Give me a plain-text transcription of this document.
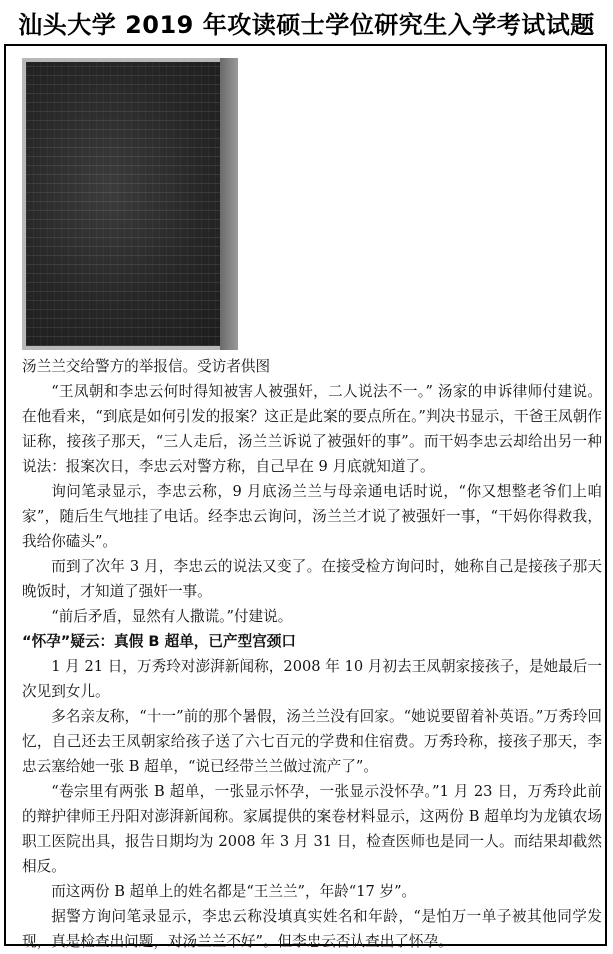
汕头大学 2019 年攻读硕士学位研究生入学考试试题

汤兰兰交给警方的举报信。受访者供图

“王凤朝和李忠云何时得知被害人被强奸，二人说法不一。” 汤家的申诉律师付建说。在他看来，“到底是如何引发的报案？这正是此案的要点所在。”判决书显示，干爸王凤朝作证称，接孩子那天，“三人走后，汤兰兰诉说了被强奸的事”。而干妈李忠云却给出另一种说法：报案次日，李忠云对警方称，自己早在 9 月底就知道了。

询问笔录显示，李忠云称，9 月底汤兰兰与母亲通电话时说，“你又想整老爷们上咱家”，随后生气地挂了电话。经李忠云询问，汤兰兰才说了被强奸一事，“干妈你得救我，我给你磕头”。

而到了次年 3 月，李忠云的说法又变了。在接受检方询问时，她称自己是接孩子那天晚饭时，才知道了强奸一事。

“前后矛盾，显然有人撒谎。”付建说。

“怀孕”疑云：真假 B 超单，已产型宫颈口

1 月 21 日，万秀玲对澎湃新闻称，2008 年 10 月初去王凤朝家接孩子，是她最后一次见到女儿。

多名亲友称，“十一”前的那个暑假，汤兰兰没有回家。“她说要留着补英语。”万秀玲回忆，自己还去王凤朝家给孩子送了六七百元的学费和住宿费。万秀玲称，接孩子那天，李忠云塞给她一张 B 超单，“说已经带兰兰做过流产了”。

“卷宗里有两张 B 超单，一张显示怀孕，一张显示没怀孕。”1 月 23 日，万秀玲此前的辩护律师王丹阳对澎湃新闻称。家属提供的案卷材料显示，这两份 B 超单均为龙镇农场职工医院出具，报告日期均为 2008 年 3 月 31 日，检查医师也是同一人。而结果却截然相反。

而这两份 B 超单上的姓名都是“王兰兰”，年龄“17 岁”。

据警方询问笔录显示，李忠云称没填真实姓名和年龄，“是怕万一单子被其他同学发现，真是检查出问题，对汤兰兰不好”。但李忠云否认查出了怀孕。
